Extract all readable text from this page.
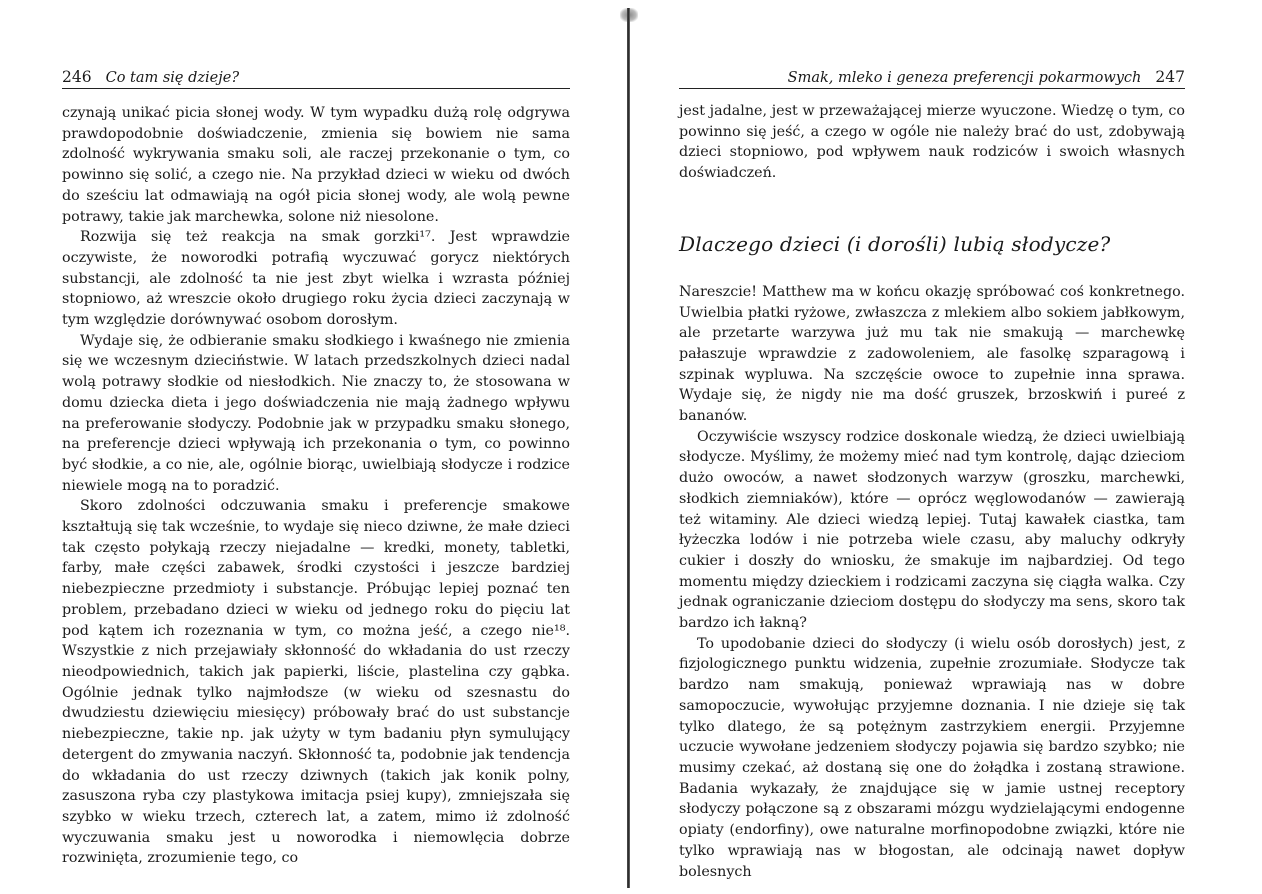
246 Co tam się dzieje?

czynają unikać picia słonej wody. W tym wypadku dużą rolę odgrywa prawdopodobnie doświadczenie, zmienia się bowiem nie sama zdolność wykrywania smaku soli, ale raczej przekonanie o tym, co powinno się solić, a czego nie. Na przykład dzieci w wieku od dwóch do sześciu lat odmawiają na ogół picia słonej wody, ale wolą pewne potrawy, takie jak marchewka, solone niż niesolone.

Rozwija się też reakcja na smak gorzki¹⁷. Jest wprawdzie oczywiste, że noworodki potrafią wyczuwać gorycz niektórych substancji, ale zdolność ta nie jest zbyt wielka i wzrasta później stopniowo, aż wreszcie około drugiego roku życia dzieci zaczynają w tym względzie dorównywać osobom dorosłym.

Wydaje się, że odbieranie smaku słodkiego i kwaśnego nie zmienia się we wczesnym dzieciństwie. W latach przedszkolnych dzieci nadal wolą potrawy słodkie od niesłodkich. Nie znaczy to, że stosowana w domu dziecka dieta i jego doświadczenia nie mają żadnego wpływu na preferowanie słodyczy. Podobnie jak w przypadku smaku słonego, na preferencje dzieci wpływają ich przekonania o tym, co powinno być słodkie, a co nie, ale, ogólnie biorąc, uwielbiają słodycze i rodzice niewiele mogą na to poradzić.

Skoro zdolności odczuwania smaku i preferencje smakowe kształtują się tak wcześnie, to wydaje się nieco dziwne, że małe dzieci tak często połykają rzeczy niejadalne — kredki, monety, tabletki, farby, małe części zabawek, środki czystości i jeszcze bardziej niebezpieczne przedmioty i substancje. Próbując lepiej poznać ten problem, przebadano dzieci w wieku od jednego roku do pięciu lat pod kątem ich rozeznania w tym, co można jeść, a czego nie¹⁸. Wszystkie z nich przejawiały skłonność do wkładania do ust rzeczy nieodpowiednich, takich jak papierki, liście, plastelina czy gąbka. Ogólnie jednak tylko najmłodsze (w wieku od szesnastu do dwudziestu dziewięciu miesięcy) próbowały brać do ust substancje niebezpieczne, takie np. jak użyty w tym badaniu płyn symulujący detergent do zmywania naczyń. Skłonność ta, podobnie jak tendencja do wkładania do ust rzeczy dziwnych (takich jak konik polny, zasuszona ryba czy plastykowa imitacja psiej kupy), zmniejszała się szybko w wieku trzech, czterech lat, a zatem, mimo iż zdolność wyczuwania smaku jest u noworodka i niemowlęcia dobrze rozwinięta, zrozumienie tego, co

Smak, mleko i geneza preferencji pokarmowych 247

jest jadalne, jest w przeważającej mierze wyuczone. Wiedzę o tym, co powinno się jeść, a czego w ogóle nie należy brać do ust, zdobywają dzieci stopniowo, pod wpływem nauk rodziców i swoich własnych doświadczeń.

Dlaczego dzieci (i dorośli) lubią słodycze?

Nareszcie! Matthew ma w końcu okazję spróbować coś konkretnego. Uwielbia płatki ryżowe, zwłaszcza z mlekiem albo sokiem jabłkowym, ale przetarte warzywa już mu tak nie smakują — marchewkę pałaszuje wprawdzie z zadowoleniem, ale fasolkę szparagową i szpinak wypluwa. Na szczęście owoce to zupełnie inna sprawa. Wydaje się, że nigdy nie ma dość gruszek, brzoskwiń i pureé z bananów.

Oczywiście wszyscy rodzice doskonale wiedzą, że dzieci uwielbiają słodycze. Myślimy, że możemy mieć nad tym kontrolę, dając dzieciom dużo owoców, a nawet słodzonych warzyw (groszku, marchewki, słodkich ziemniaków), które — oprócz węglowodanów — zawierają też witaminy. Ale dzieci wiedzą lepiej. Tutaj kawałek ciastka, tam łyżeczka lodów i nie potrzeba wiele czasu, aby maluchy odkryły cukier i doszły do wniosku, że smakuje im najbardziej. Od tego momentu między dzieckiem i rodzicami zaczyna się ciągła walka. Czy jednak ograniczanie dzieciom dostępu do słodyczy ma sens, skoro tak bardzo ich łakną?

To upodobanie dzieci do słodyczy (i wielu osób dorosłych) jest, z fizjologicznego punktu widzenia, zupełnie zrozumiałe. Słodycze tak bardzo nam smakują, ponieważ wprawiają nas w dobre samopoczucie, wywołując przyjemne doznania. I nie dzieje się tak tylko dlatego, że są potężnym zastrzykiem energii. Przyjemne uczucie wywołane jedzeniem słodyczy pojawia się bardzo szybko; nie musimy czekać, aż dostaną się one do żołądka i zostaną strawione. Badania wykazały, że znajdujące się w jamie ustnej receptory słodyczy połączone są z obszarami mózgu wydzielającymi endogenne opiaty (endorfiny), owe naturalne morfinopodobne związki, które nie tylko wprawiają nas w błogostan, ale odcinają nawet dopływ bolesnych
